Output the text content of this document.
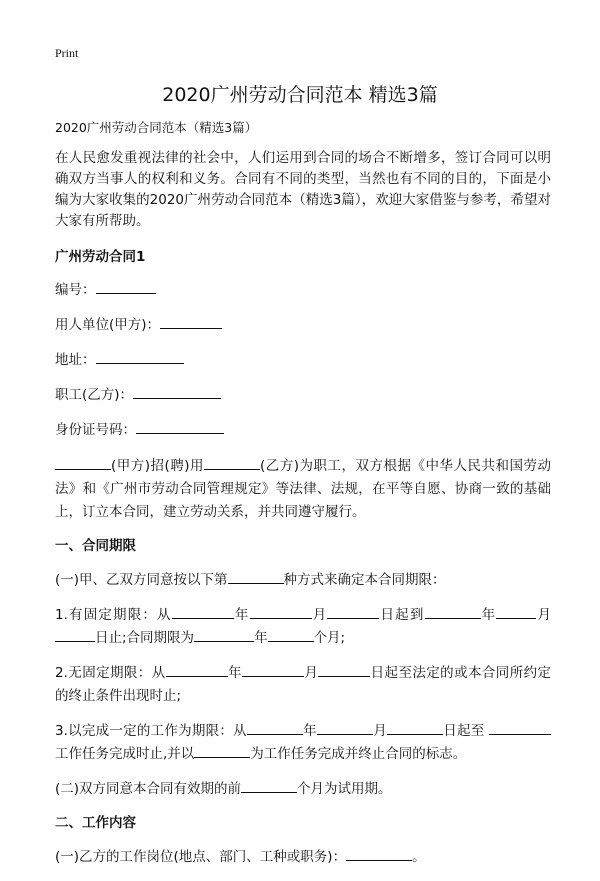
Print
2020广州劳动合同范本 精选3篇
2020广州劳动合同范本（精选3篇）
在人民愈发重视法律的社会中，人们运用到合同的场合不断增多，签订合同可以明确双方当事人的权利和义务。合同有不同的类型，当然也有不同的目的，下面是小编为大家收集的2020广州劳动合同范本（精选3篇），欢迎大家借鉴与参考，希望对大家有所帮助。
广州劳动合同1
编号：
用人单位(甲方)：
地址：
职工(乙方)：
身份证号码：
(甲方)招(聘)用	(乙方)为职工，双方根据《中华人民共和国劳动法》和《广州市劳动合同管理规定》等法律、法规，在平等自愿、协商一致的基础上，订立本合同，建立劳动关系，并共同遵守履行。
一、合同期限
(一)甲、乙双方同意按以下第	种方式来确定本合同期限：
1.有固定期限：从	年	月	日起到	年	月 日止;合同期限为	年	个月;
2.无固定期限：从	年	月	日起至法定的或本合同所约定的终止条件出现时止;
3.以完成一定的工作为期限：从	年	月	日起至 工作任务完成时止,并以	为工作任务完成并终止合同的标志。
(二)双方同意本合同有效期的前	个月为试用期。
二、工作内容
(一)乙方的工作岗位(地点、部门、工种或职务)：	。
